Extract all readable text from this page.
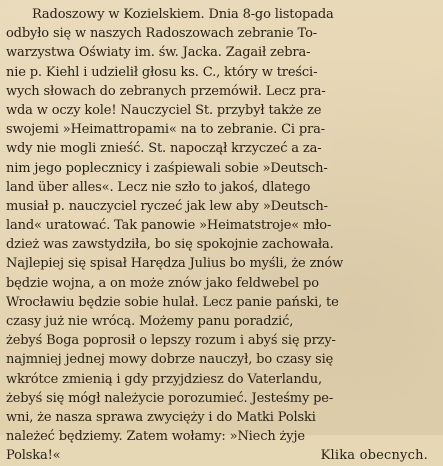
Radoszowy w Kozielskiem. Dnia 8-go listopada
odbyło się w naszych Radoszowach zebranie To-
warzystwa Oświaty im. św. Jacka. Zagaił zebra-
nie p. Kiehl i udzielił głosu ks. C., który w treści-
wych słowach do zebranych przemówił. Lecz pra-
wda w oczy kole! Nauczyciel St. przybył także ze
swojemi »Heimattropami« na to zebranie. Ci pra-
wdy nie mogli znieść. St. napoczął krzyczeć a za-
nim jego poplecznicy i zaśpiewali sobie »Deutsch-
land über alles«. Lecz nie szło to jakoś, dlatego
musiał p. nauczyciel ryczeć jak lew aby »Deutsch-
land« uratować. Tak panowie »Heimatstroje« mło-
dzież was zawstydziła, bo się spokojnie zachowała.
Najlepiej się spisał Harędza Julius bo myśli, że znów
będzie wojna, a on może znów jako feldwebel po
Wrocławiu będzie sobie hulał. Lecz panie pański, te
czasy już nie wrócą. Możemy panu poradzić,
żebyś Boga poprosił o lepszy rozum i abyś się przy-
najmniej jednej mowy dobrze nauczył, bo czasy się
wkrótce zmienią i gdy przyjdziesz do Vaterlandu,
żebyś się mógł należycie porozumieć. Jesteśmy pe-
wni, że nasza sprawa zwycięży i do Matki Polski
należeć będziemy. Zatem wołamy: »Niech żyje
Polska!«	Klika obecnych.
